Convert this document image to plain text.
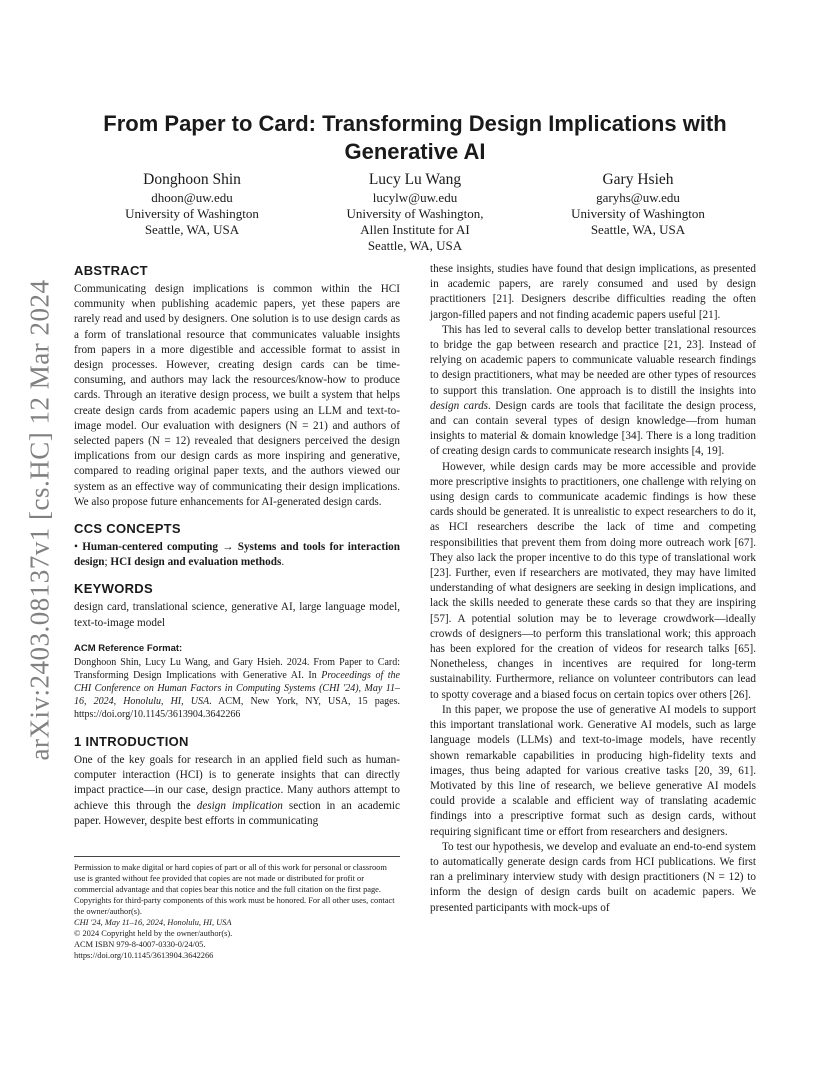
arXiv:2403.08137v1 [cs.HC] 12 Mar 2024
From Paper to Card: Transforming Design Implications with Generative AI
Donghoon Shin
dhoon@uw.edu
University of Washington
Seattle, WA, USA
Lucy Lu Wang
lucylw@uw.edu
University of Washington,
Allen Institute for AI
Seattle, WA, USA
Gary Hsieh
garyhs@uw.edu
University of Washington
Seattle, WA, USA
ABSTRACT

Communicating design implications is common within the HCI community when publishing academic papers, yet these papers are rarely read and used by designers. One solution is to use design cards as a form of translational resource that communicates valuable insights from papers in a more digestible and accessible format to assist in design processes. However, creating design cards can be time-consuming, and authors may lack the resources/know-how to produce cards. Through an iterative design process, we built a system that helps create design cards from academic papers using an LLM and text-to-image model. Our evaluation with designers (N = 21) and authors of selected papers (N = 12) revealed that designers perceived the design implications from our design cards as more inspiring and generative, compared to reading original paper texts, and the authors viewed our system as an effective way of communicating their design implications. We also propose future enhancements for AI-generated design cards.

CCS CONCEPTS

• Human-centered computing → Systems and tools for interaction design; HCI design and evaluation methods.

KEYWORDS

design card, translational science, generative AI, large language model, text-to-image model

ACM Reference Format:

Donghoon Shin, Lucy Lu Wang, and Gary Hsieh. 2024. From Paper to Card: Transforming Design Implications with Generative AI. In Proceedings of the CHI Conference on Human Factors in Computing Systems (CHI '24), May 11–16, 2024, Honolulu, HI, USA. ACM, New York, NY, USA, 15 pages. https://doi.org/10.1145/3613904.3642266

1 INTRODUCTION

One of the key goals for research in an applied field such as human-computer interaction (HCI) is to generate insights that can directly impact practice—in our case, design practice. Many authors attempt to achieve this through the design implication section in an academic paper. However, despite best efforts in communicating

Permission to make digital or hard copies of part or all of this work for personal or classroom use is granted without fee provided that copies are not made or distributed for profit or commercial advantage and that copies bear this notice and the full citation on the first page. Copyrights for third-party components of this work must be honored. For all other uses, contact the owner/author(s).

CHI '24, May 11–16, 2024, Honolulu, HI, USA

© 2024 Copyright held by the owner/author(s).

ACM ISBN 979-8-4007-0330-0/24/05.

https://doi.org/10.1145/3613904.3642266

these insights, studies have found that design implications, as presented in academic papers, are rarely consumed and used by design practitioners [21]. Designers describe difficulties reading the often jargon-filled papers and not finding academic papers useful [21].

This has led to several calls to develop better translational resources to bridge the gap between research and practice [21, 23]. Instead of relying on academic papers to communicate valuable research findings to design practitioners, what may be needed are other types of resources to support this translation. One approach is to distill the insights into design cards. Design cards are tools that facilitate the design process, and can contain several types of design knowledge—from human insights to material & domain knowledge [34]. There is a long tradition of creating design cards to communicate research insights [4, 19].

However, while design cards may be more accessible and provide more prescriptive insights to practitioners, one challenge with relying on using design cards to communicate academic findings is how these cards should be generated. It is unrealistic to expect researchers to do it, as HCI researchers describe the lack of time and competing responsibilities that prevent them from doing more outreach work [67]. They also lack the proper incentive to do this type of translational work [23]. Further, even if researchers are motivated, they may have limited understanding of what designers are seeking in design implications, and lack the skills needed to generate these cards so that they are inspiring [57]. A potential solution may be to leverage crowdwork—ideally crowds of designers—to perform this translational work; this approach has been explored for the creation of videos for research talks [65]. Nonetheless, changes in incentives are required for long-term sustainability. Furthermore, reliance on volunteer contributors can lead to spotty coverage and a biased focus on certain topics over others [26].

In this paper, we propose the use of generative AI models to support this important translational work. Generative AI models, such as large language models (LLMs) and text-to-image models, have recently shown remarkable capabilities in producing high-fidelity texts and images, thus being adapted for various creative tasks [20, 39, 61]. Motivated by this line of research, we believe generative AI models could provide a scalable and efficient way of translating academic findings into a prescriptive format such as design cards, without requiring significant time or effort from researchers and designers.

To test our hypothesis, we develop and evaluate an end-to-end system to automatically generate design cards from HCI publications. We first ran a preliminary interview study with design practitioners (N = 12) to inform the design of design cards built on academic papers. We presented participants with mock-ups of
